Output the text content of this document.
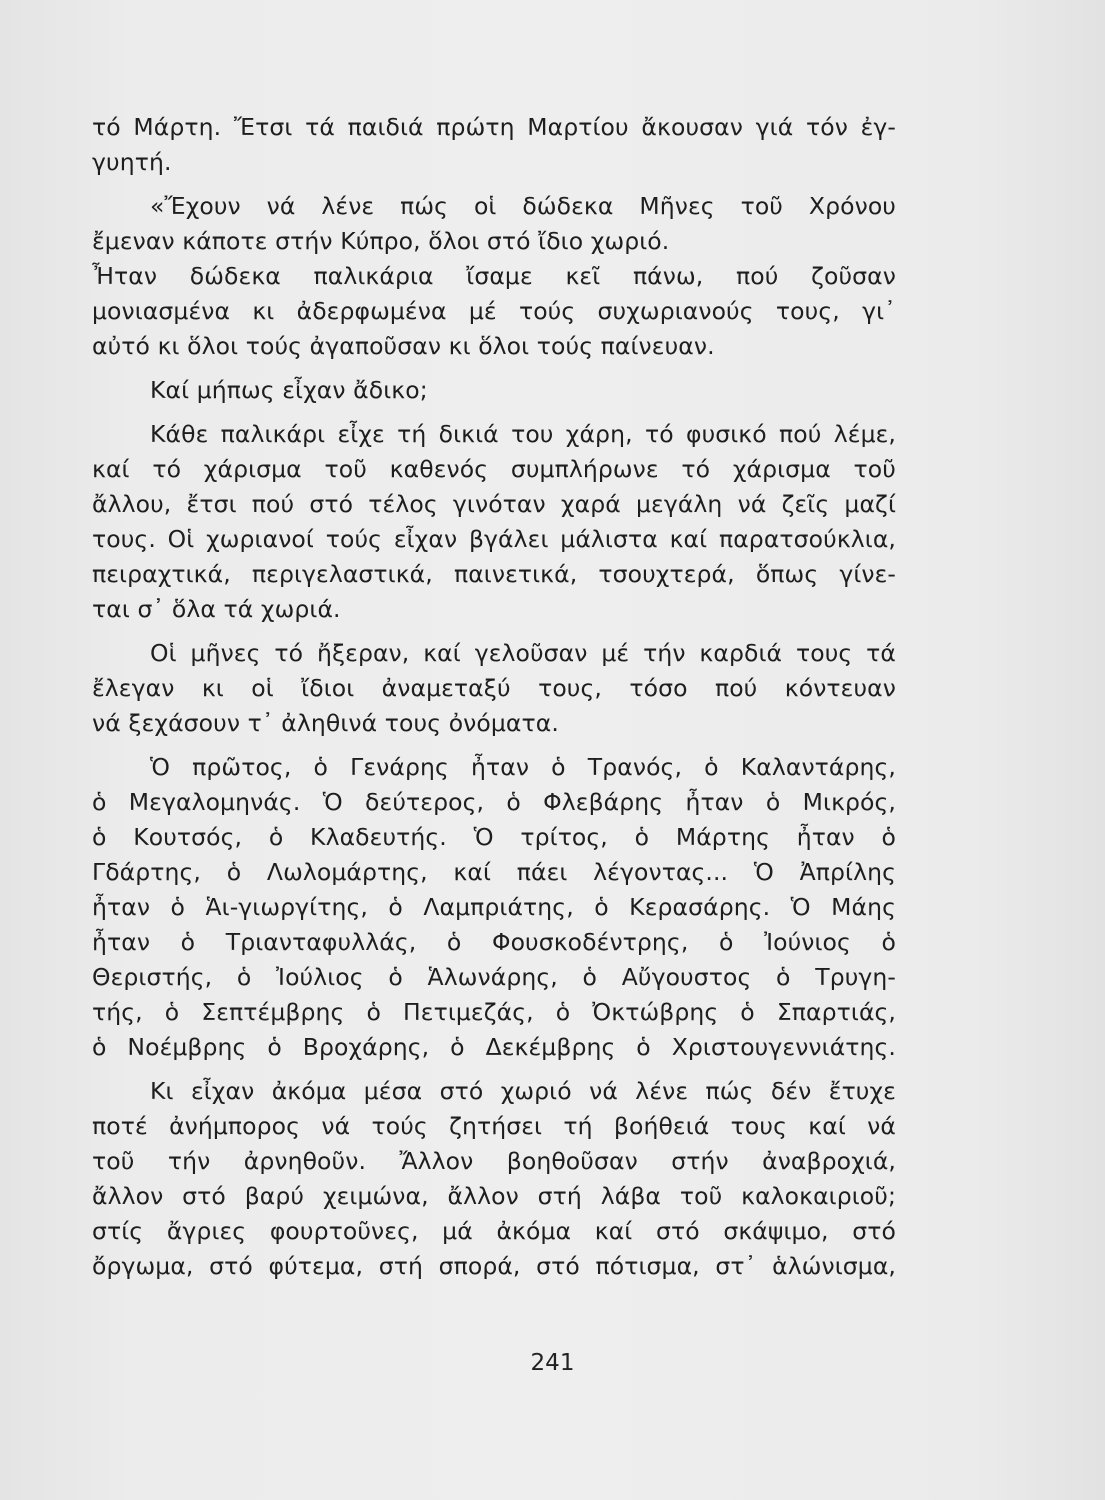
τό Μάρτη. Ἔτσι τά παιδιά πρώτη Μαρτίου ἄκουσαν γιά τόν ἐγ-
γυητή.
«Ἔχουν νά λένε πώς οἱ δώδεκα Μῆνες τοῦ Χρόνου
ἔμεναν κάποτε στήν Κύπρο, ὅλοι στό ἴδιο χωριό.
Ἦταν δώδεκα παλικάρια ἴσαμε κεῖ πάνω, πού ζοῦσαν
μονιασμένα κι ἀδερφωμένα μέ τούς συχωριανούς τους, γι᾽
αὐτό κι ὅλοι τούς ἀγαποῦσαν κι ὅλοι τούς παίνευαν.
Καί μήπως εἶχαν ἄδικο;
Κάθε παλικάρι εἶχε τή δικιά του χάρη, τό φυσικό πού λέμε,
καί τό χάρισμα τοῦ καθενός συμπλήρωνε τό χάρισμα τοῦ
ἄλλου, ἔτσι πού στό τέλος γινόταν χαρά μεγάλη νά ζεῖς μαζί
τους. Οἱ χωριανοί τούς εἶχαν βγάλει μάλιστα καί παρατσούκλια,
πειραχτικά, περιγελαστικά, παινετικά, τσουχτερά, ὅπως γίνε-
ται σ᾽ ὅλα τά χωριά.
Οἱ μῆνες τό ἤξεραν, καί γελοῦσαν μέ τήν καρδιά τους τά
ἔλεγαν κι οἱ ἴδιοι ἀναμεταξύ τους, τόσο πού κόντευαν
νά ξεχάσουν τ᾽ ἀληθινά τους ὀνόματα.
Ὁ πρῶτος, ὁ Γενάρης ἦταν ὁ Τρανός, ὁ Καλαντάρης,
ὁ Μεγαλομηνάς. Ὁ δεύτερος, ὁ Φλεβάρης ἦταν ὁ Μικρός,
ὁ Κουτσός, ὁ Κλαδευτής. Ὁ τρίτος, ὁ Μάρτης ἦταν ὁ
Γδάρτης, ὁ Λωλομάρτης, καί πάει λέγοντας... Ὁ Ἀπρίλης
ἦταν ὁ Ἁι-γιωργίτης, ὁ Λαμπριάτης, ὁ Κερασάρης. Ὁ Μάης
ἦταν ὁ Τριανταφυλλάς, ὁ Φουσκοδέντρης, ὁ Ἰούνιος ὁ
Θεριστής, ὁ Ἰούλιος ὁ Ἁλωνάρης, ὁ Αὔγουστος ὁ Τρυγη-
τής, ὁ Σεπτέμβρης ὁ Πετιμεζάς, ὁ Ὀκτώβρης ὁ Σπαρτιάς,
ὁ Νοέμβρης ὁ Βροχάρης, ὁ Δεκέμβρης ὁ Χριστουγεννιάτης.
Κι εἶχαν ἀκόμα μέσα στό χωριό νά λένε πώς δέν ἔτυχε
ποτέ ἀνήμπορος νά τούς ζητήσει τή βοήθειά τους καί νά
τοῦ τήν ἀρνηθοῦν. Ἄλλον βοηθοῦσαν στήν ἀναβροχιά,
ἄλλον στό βαρύ χειμώνα, ἄλλον στή λάβα τοῦ καλοκαιριοῦ;
στίς ἄγριες φουρτοῦνες, μά ἀκόμα καί στό σκάψιμο, στό
ὄργωμα, στό φύτεμα, στή σπορά, στό πότισμα, στ᾽ ἁλώνισμα,
241
